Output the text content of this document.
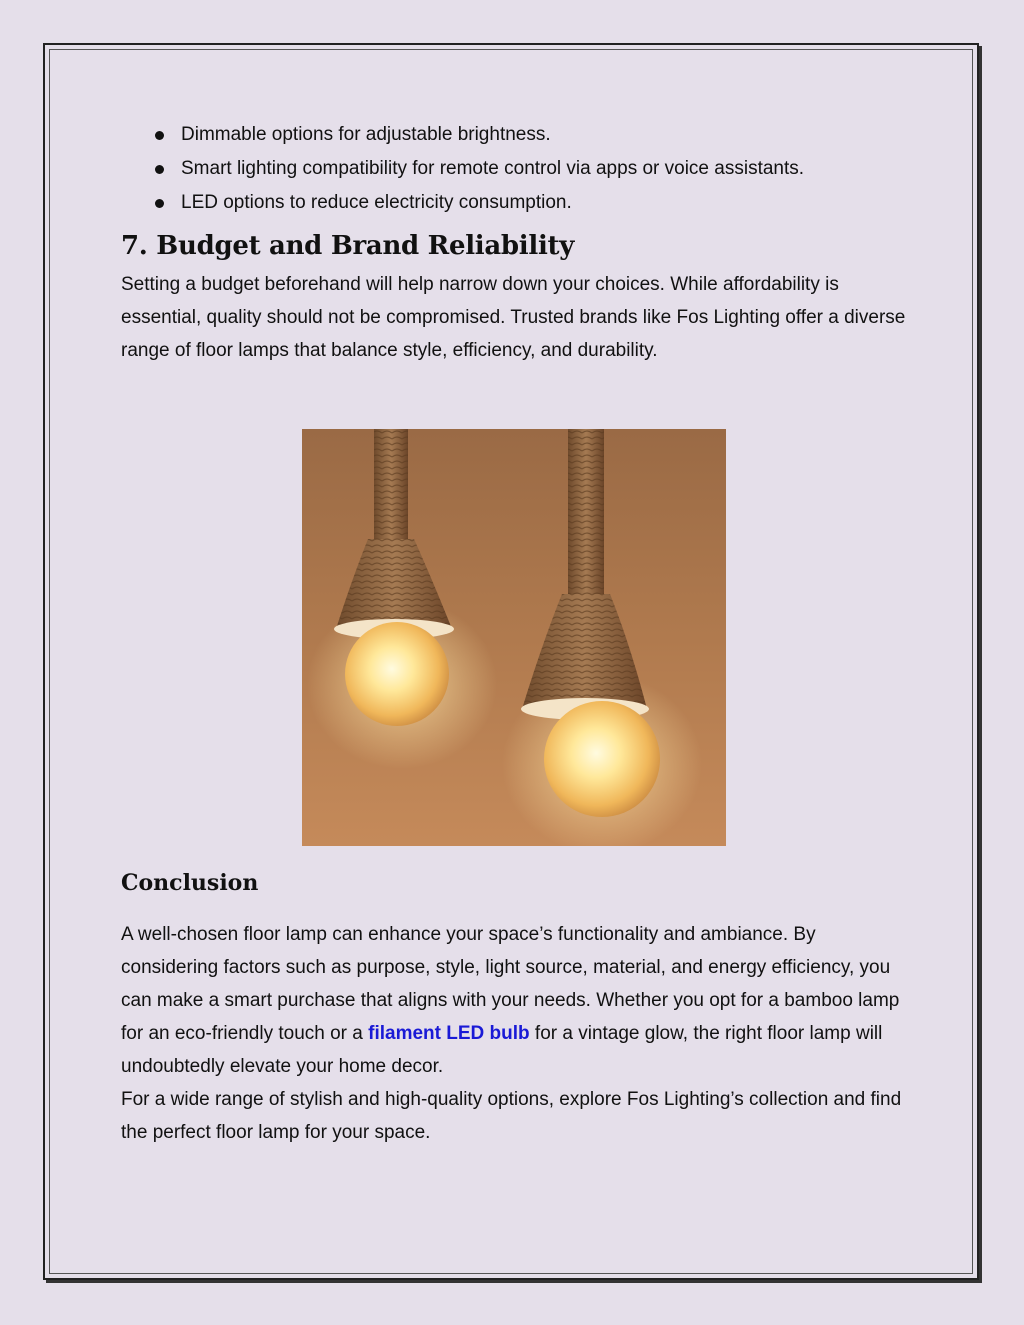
Dimmable options for adjustable brightness.
Smart lighting compatibility for remote control via apps or voice assistants.
LED options to reduce electricity consumption.
7. Budget and Brand Reliability

Setting a budget beforehand will help narrow down your choices. While affordability is essential, quality should not be compromised. Trusted brands like Fos Lighting offer a diverse range of floor lamps that balance style, efficiency, and durability.

Conclusion

A well-chosen floor lamp can enhance your space’s functionality and ambiance. By considering factors such as purpose, style, light source, material, and energy efficiency, you can make a smart purchase that aligns with your needs. Whether you opt for a bamboo lamp for an eco-friendly touch or a filament LED bulb for a vintage glow, the right floor lamp will undoubtedly elevate your home decor.

For a wide range of stylish and high-quality options, explore Fos Lighting’s collection and find the perfect floor lamp for your space.
